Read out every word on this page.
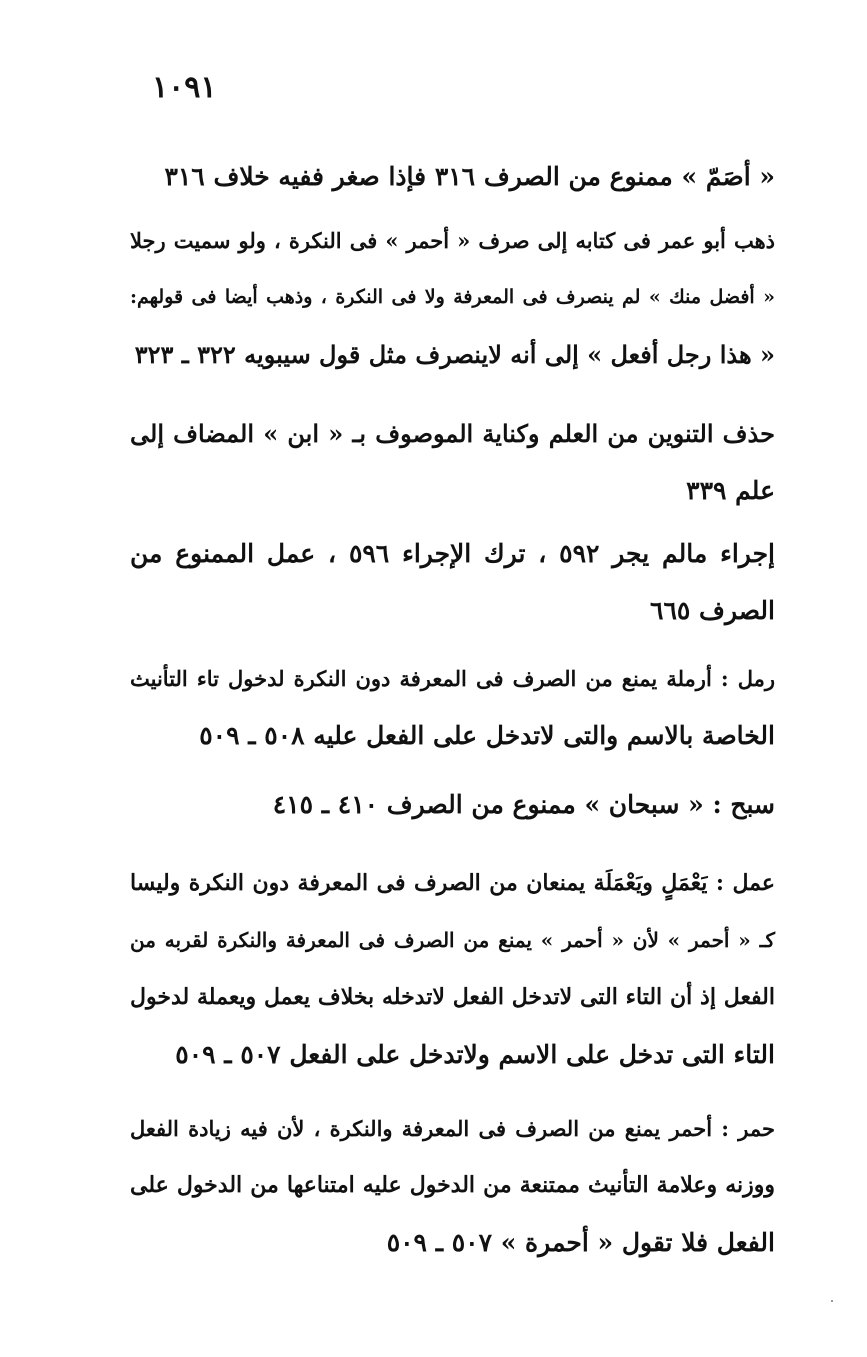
١٠٩١
« أصَمّ » ممنوع من الصرف ٣١٦ فإذا صغر ففيه خلاف ٣١٦
ذهب أبو عمر فى كتابه إلى صرف « أحمر » فى النكرة ، ولو سميت رجلا
« أفضل منك » لم ينصرف فى المعرفة ولا فى النكرة ، وذهب أيضا فى قولهم:
« هذا رجل أفعل » إلى أنه لاينصرف مثل قول سيبويه ٣٢٢ ـ ٣٢٣
حذف التنوين من العلم وكناية الموصوف بـ « ابن » المضاف إلى
علم ٣٣٩
إجراء مالم يجر ٥٩٢ ، ترك الإجراء ٥٩٦ ، عمل الممنوع من
الصرف ٦٦٥
رمل : أرملة يمنع من الصرف فى المعرفة دون النكرة لدخول تاء التأنيث
الخاصة بالاسم والتى لاتدخل على الفعل عليه ٥٠٨ ـ ٥٠٩
سبح : « سبحان » ممنوع من الصرف ٤١٠ ـ ٤١٥
عمل : يَعْمَلٍ ويَعْمَلَة يمنعان من الصرف فى المعرفة دون النكرة وليسا
كـ « أحمر » لأن « أحمر » يمنع من الصرف فى المعرفة والنكرة لقربه من
الفعل إذ أن التاء التى لاتدخل الفعل لاتدخله بخلاف يعمل ويعملة لدخول
التاء التى تدخل على الاسم ولاتدخل على الفعل ٥٠٧ ـ ٥٠٩
حمر : أحمر يمنع من الصرف فى المعرفة والنكرة ، لأن فيه زيادة الفعل
ووزنه وعلامة التأنيث ممتنعة من الدخول عليه امتناعها من الدخول على
الفعل فلا تقول « أحمرة » ٥٠٧ ـ ٥٠٩
